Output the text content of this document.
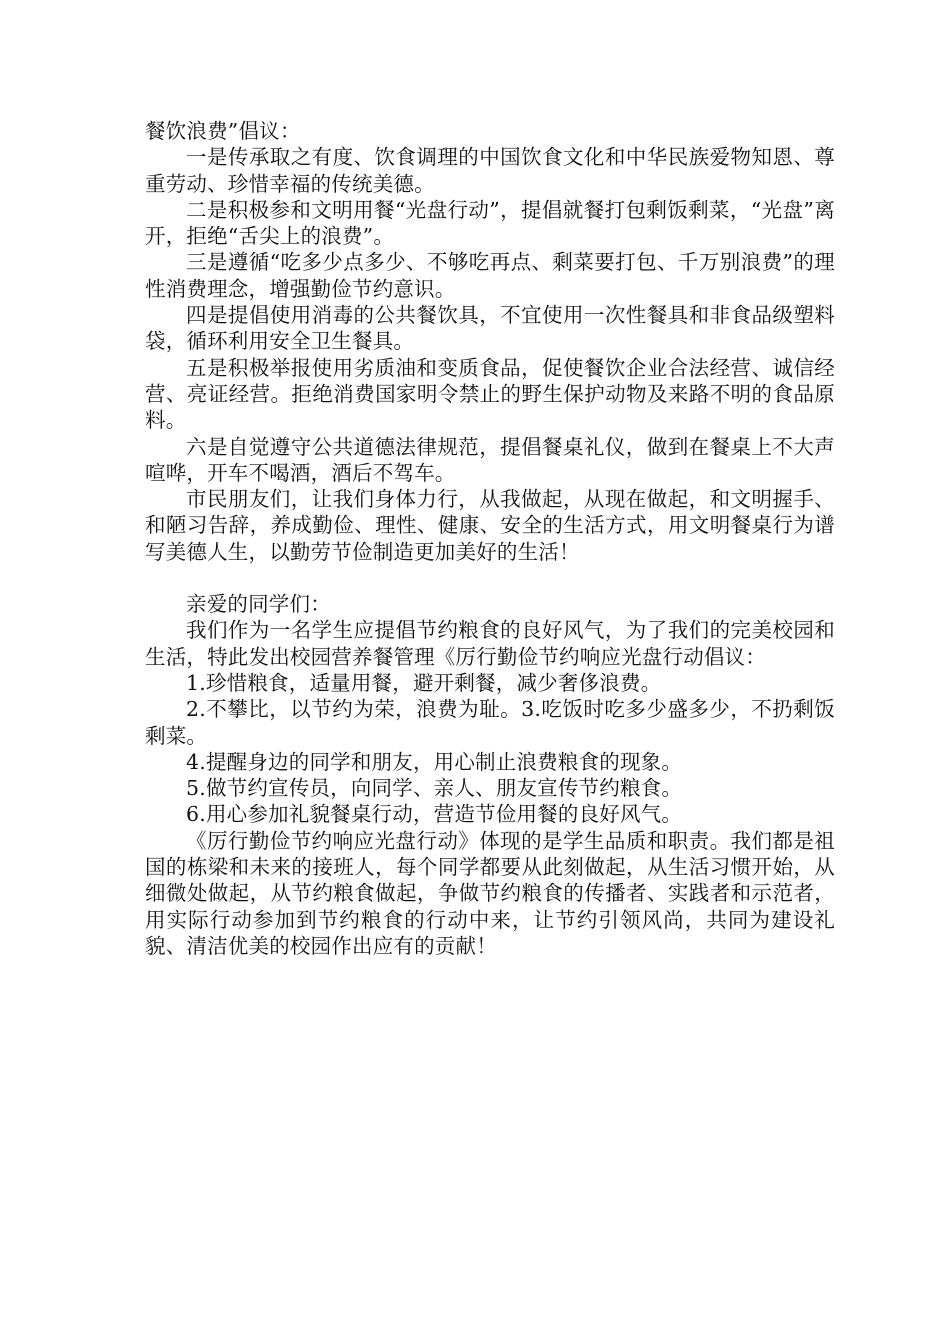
餐饮浪费”倡议：

一是传承取之有度、饮食调理的中国饮食文化和中华民族爱物知恩、尊重劳动、珍惜幸福的传统美德。

二是积极参和文明用餐“光盘行动”，提倡就餐打包剩饭剩菜，“光盘”离开，拒绝“舌尖上的浪费”。

三是遵循“吃多少点多少、不够吃再点、剩菜要打包、千万别浪费”的理性消费理念，增强勤俭节约意识。

四是提倡使用消毒的公共餐饮具，不宜使用一次性餐具和非食品级塑料袋，循环利用安全卫生餐具。

五是积极举报使用劣质油和变质食品，促使餐饮企业合法经营、诚信经营、亮证经营。拒绝消费国家明令禁止的野生保护动物及来路不明的食品原料。

六是自觉遵守公共道德法律规范，提倡餐桌礼仪，做到在餐桌上不大声喧哗，开车不喝酒，酒后不驾车。

市民朋友们，让我们身体力行，从我做起，从现在做起，和文明握手、和陋习告辞，养成勤俭、理性、健康、安全的生活方式，用文明餐桌行为谱写美德人生，以勤劳节俭制造更加美好的生活！

亲爱的同学们：

我们作为一名学生应提倡节约粮食的良好风气，为了我们的完美校园和生活，特此发出校园营养餐管理《厉行勤俭节约响应光盘行动倡议：

1.珍惜粮食，适量用餐，避开剩餐，减少奢侈浪费。

2.不攀比，以节约为荣，浪费为耻。3.吃饭时吃多少盛多少，不扔剩饭剩菜。

4.提醒身边的同学和朋友，用心制止浪费粮食的现象。

5.做节约宣传员，向同学、亲人、朋友宣传节约粮食。

6.用心参加礼貌餐桌行动，营造节俭用餐的良好风气。

《厉行勤俭节约响应光盘行动》体现的是学生品质和职责。我们都是祖国的栋梁和未来的接班人，每个同学都要从此刻做起，从生活习惯开始，从细微处做起，从节约粮食做起，争做节约粮食的传播者、实践者和示范者，用实际行动参加到节约粮食的行动中来，让节约引领风尚，共同为建设礼貌、清洁优美的校园作出应有的贡献！
